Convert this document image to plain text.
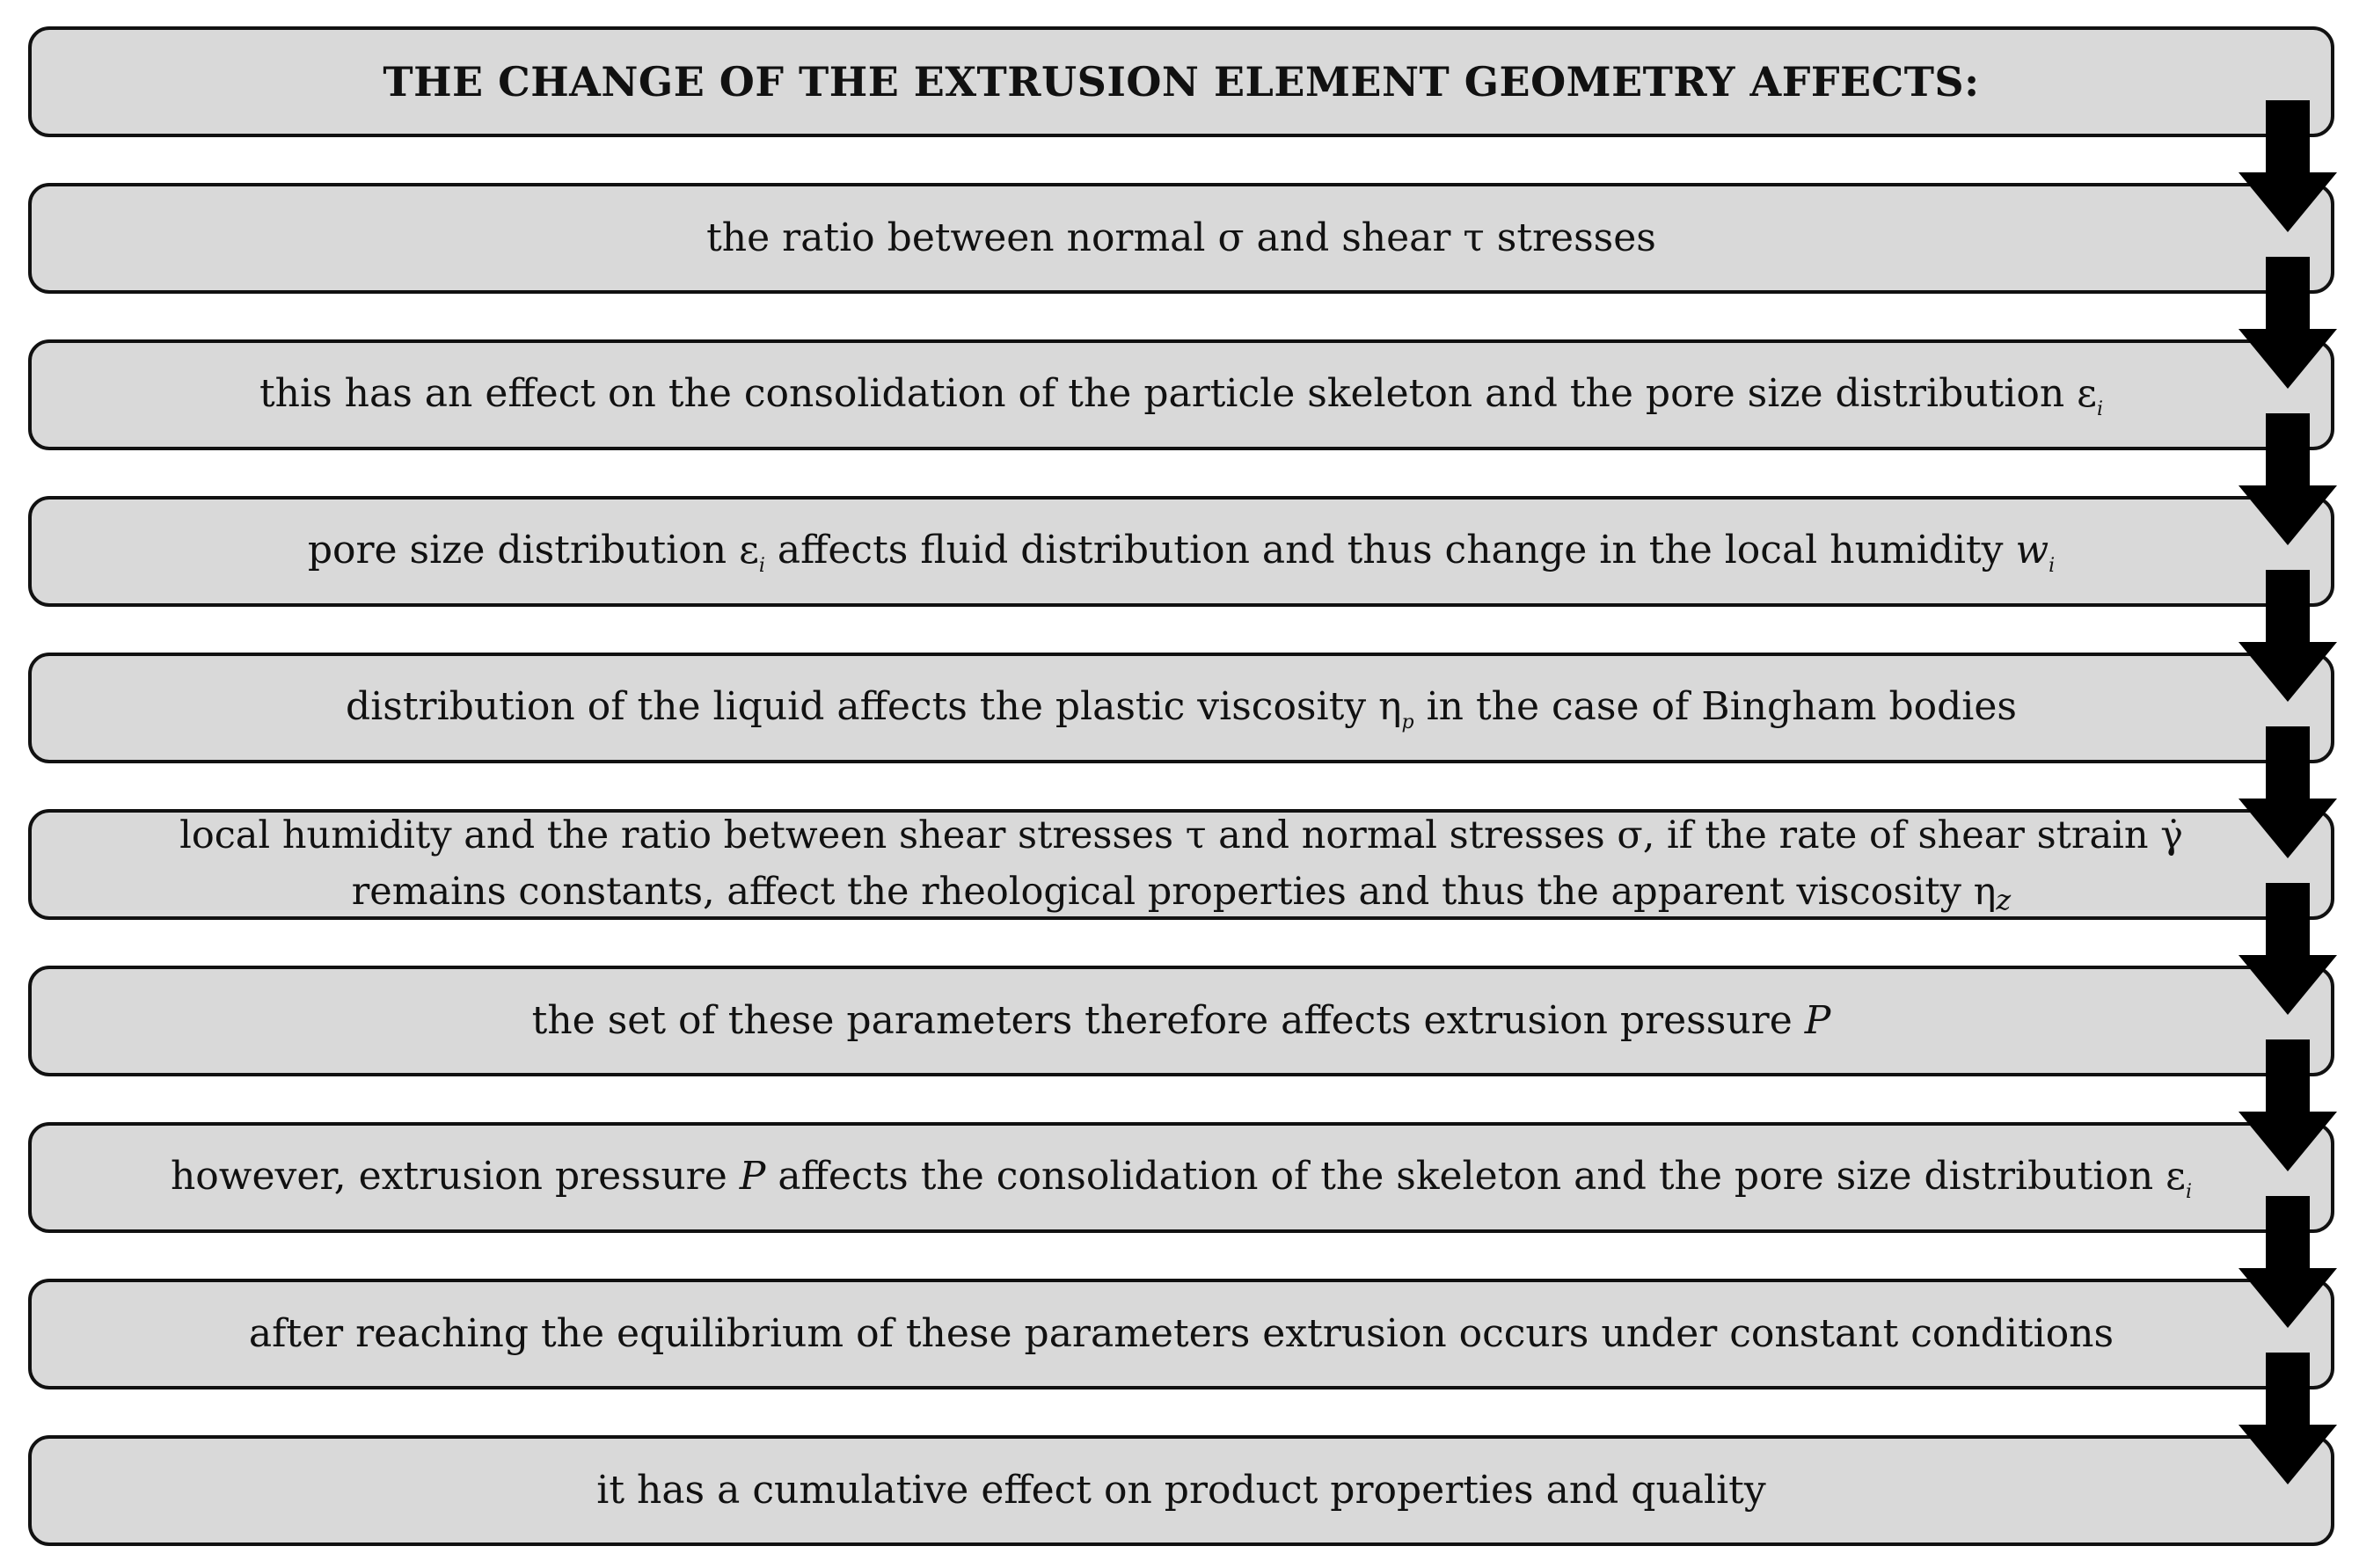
THE CHANGE OF THE EXTRUSION ELEMENT GEOMETRY AFFECTS:
the ratio between normal σ and shear τ stresses
this has an effect on the consolidation of the particle skeleton and the pore size distribution $\varepsilon_i$
pore size distribution $\varepsilon_i$ affects fluid distribution and thus change in the local humidity $w_i$
distribution of the liquid affects the plastic viscosity $\eta_p$ in the case of Bingham bodies
local humidity and the ratio between shear stresses τ and normal stresses σ, if the rate of shear strain γ̇ remains constants, affect the rheological properties and thus the apparent viscosity $\eta_z$
the set of these parameters therefore affects extrusion pressure P
however, extrusion pressure P affects the consolidation of the skeleton and the pore size distribution $\varepsilon_i$
after reaching the equilibrium of these parameters extrusion occurs under constant conditions
it has a cumulative effect on product properties and quality
